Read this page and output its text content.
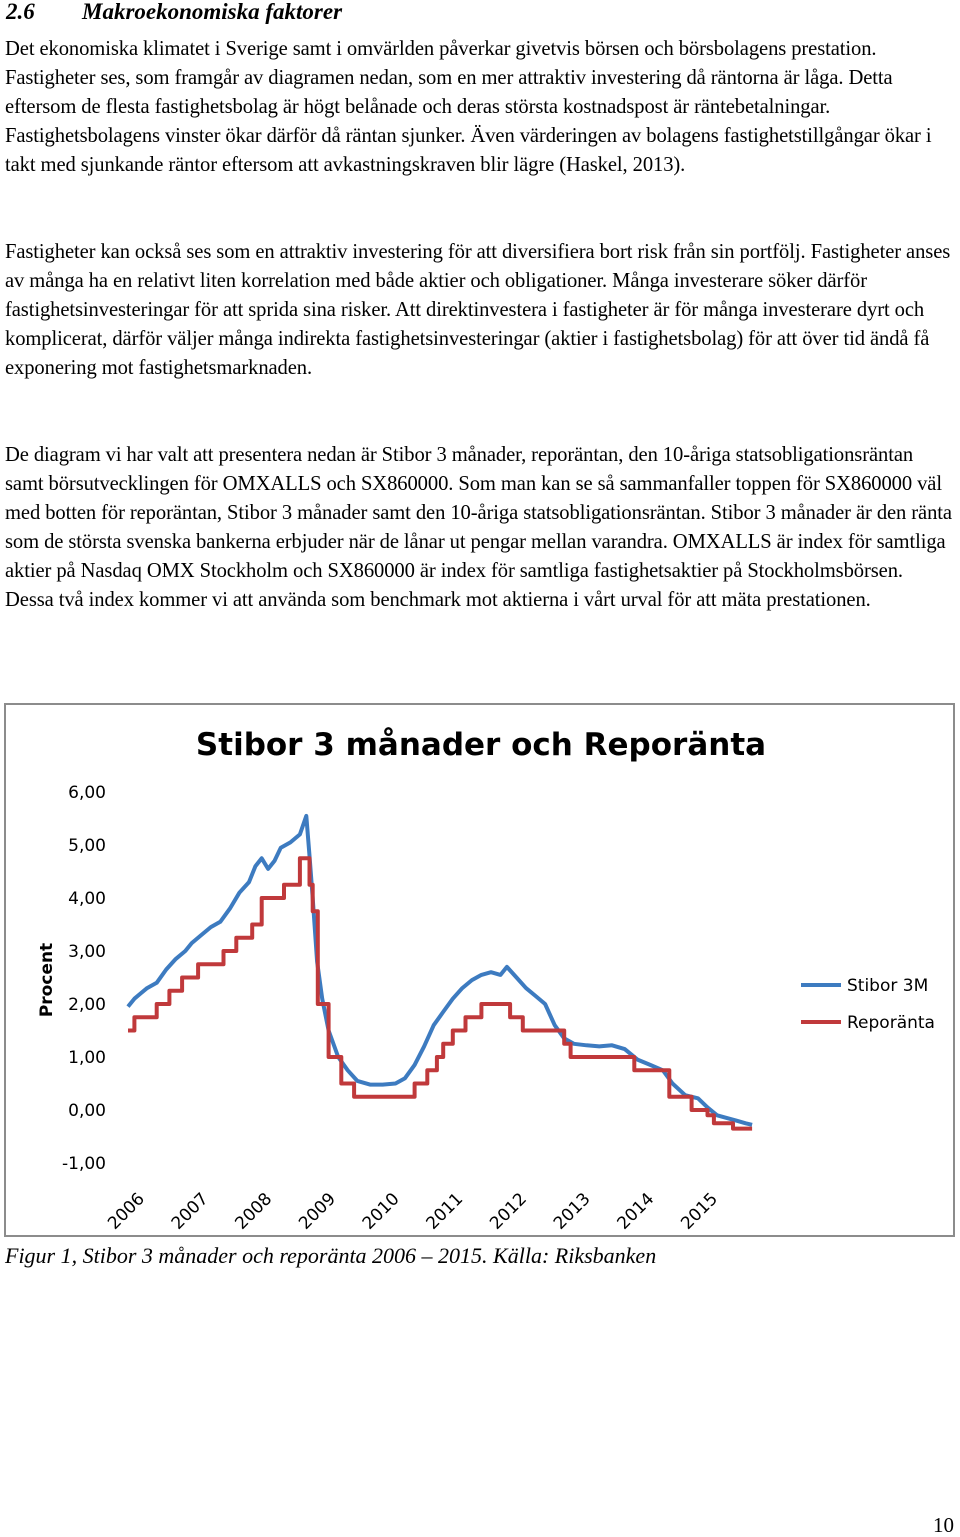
2.6 Makroekonomiska faktorer

Det ekonomiska klimatet i Sverige samt i omvärlden påverkar givetvis börsen och börsbolagens prestation. Fastigheter ses, som framgår av diagramen nedan, som en mer attraktiv investering då räntorna är låga. Detta eftersom de flesta fastighetsbolag är högt belånade och deras största kostnadspost är räntebetalningar. Fastighetsbolagens vinster ökar därför då räntan sjunker. Även värderingen av bolagens fastighetstillgångar ökar i takt med sjunkande räntor eftersom att avkastningskraven blir lägre (Haskel, 2013).

Fastigheter kan också ses som en attraktiv investering för att diversifiera bort risk från sin portfölj. Fastigheter anses av många ha en relativt liten korrelation med både aktier och obligationer. Många investerare söker därför fastighetsinvesteringar för att sprida sina risker. Att direktinvestera i fastigheter är för många investerare dyrt och komplicerat, därför väljer många indirekta fastighetsinvesteringar (aktier i fastighetsbolag) för att över tid ändå få exponering mot fastighetsmarknaden.

De diagram vi har valt att presentera nedan är Stibor 3 månader, reporäntan, den 10-åriga statsobligationsräntan samt börsutvecklingen för OMXALLS och SX860000. Som man kan se så sammanfaller toppen för SX860000 väl med botten för reporäntan, Stibor 3 månader samt den 10-åriga statsobligationsräntan. Stibor 3 månader är den ränta som de största svenska bankerna erbjuder när de lånar ut pengar mellan varandra. OMXALLS är index för samtliga aktier på Nasdaq OMX Stockholm och SX860000 är index för samtliga fastighetsaktier på Stockholmsbörsen. Dessa två index kommer vi att använda som benchmark mot aktierna i vårt urval för att mäta prestationen.

Stibor 3 månader och Reporänta
Procent
6,00
5,00
4,00
3,00
2,00
1,00
0,00
-1,00
2006 2007 2008 2009 2010 2011 2012 2013 2014 2015
Stibor 3M
Reporänta

Figur 1, Stibor 3 månader och reporänta 2006 – 2015. Källa: Riksbanken

10
